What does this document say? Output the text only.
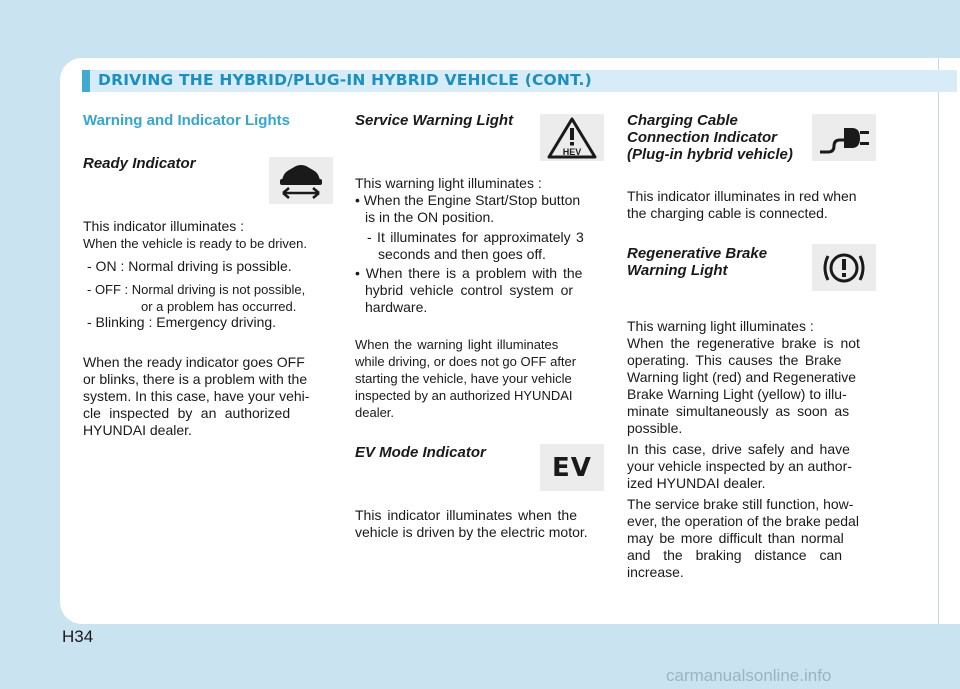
DRIVING THE HYBRID/PLUG-IN HYBRID VEHICLE (CONT.)
Warning and Indicator Lights
Ready Indicator
This indicator illuminates :
When the vehicle is ready to be driven.
- ON : Normal driving is possible.
- OFF : Normal driving is not possible,
or a problem has occurred.
- Blinking : Emergency driving.
When the ready indicator goes OFF
or blinks, there is a problem with the
system. In this case, have your vehi-
cle inspected by an authorized
HYUNDAI dealer.
Service Warning Light
HEV
This warning light illuminates :
• When the Engine Start/Stop button
is in the ON position.
- It illuminates for approximately 3
seconds and then goes off.
• When there is a problem with the
hybrid vehicle control system or
hardware.
When the warning light illuminates
while driving, or does not go OFF after
starting the vehicle, have your vehicle
inspected by an authorized HYUNDAI
dealer.
EV Mode Indicator	EV
This indicator illuminates when the
vehicle is driven by the electric motor.
Charging Cable
Connection Indicator
(Plug-in hybrid vehicle)
This indicator illuminates in red when
the charging cable is connected.
Regenerative Brake
Warning Light
This warning light illuminates :
When the regenerative brake is not
operating. This causes the Brake
Warning light (red) and Regenerative
Brake Warning Light (yellow) to illu-
minate simultaneously as soon as
possible.
In this case, drive safely and have
your vehicle inspected by an author-
ized HYUNDAI dealer.
The service brake still function, how-
ever, the operation of the brake pedal
may be more difficult than normal
and the braking distance can
increase.
H34
carmanualsonline.info
